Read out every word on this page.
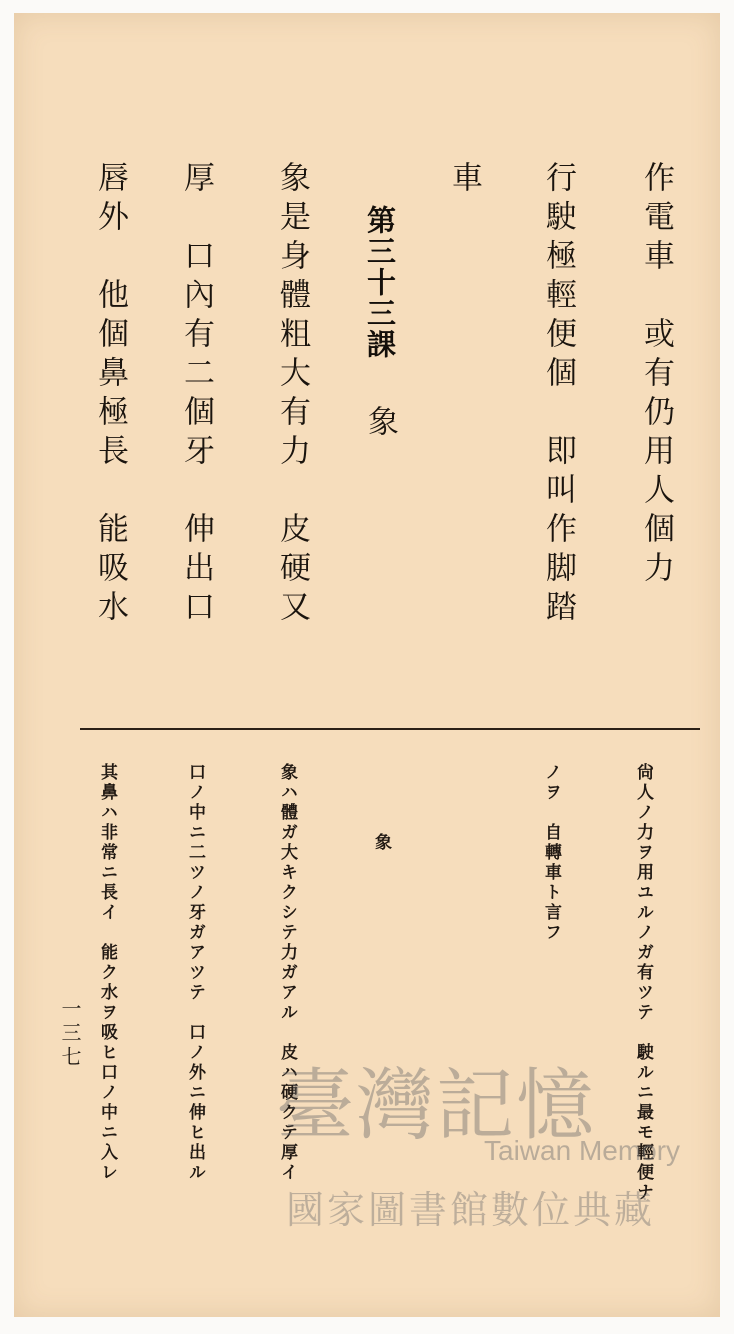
作電車　或有仍用人個力
行駛極輕便個　即叫作脚踏
車
第三十三課
象
象是身體粗大有力　皮硬又
厚　口內有二個牙　伸出口
唇外　他個鼻極長　能吸水
尙人ノ力ヲ用ユルノガ有ツテ　駛ルニ最モ輕便ナ
ノヲ　自轉車ト言フ
象
象ハ體ガ大キクシテ力ガアル　皮ハ硬クテ厚イ
口ノ中ニ二ツノ牙ガアツテ　口ノ外ニ伸ヒ出ル
其鼻ハ非常ニ長イ　能ク水ヲ吸ヒ口ノ中ニ入レ
一三七
臺灣記憶
Taiwan Memory
國家圖書館數位典藏
